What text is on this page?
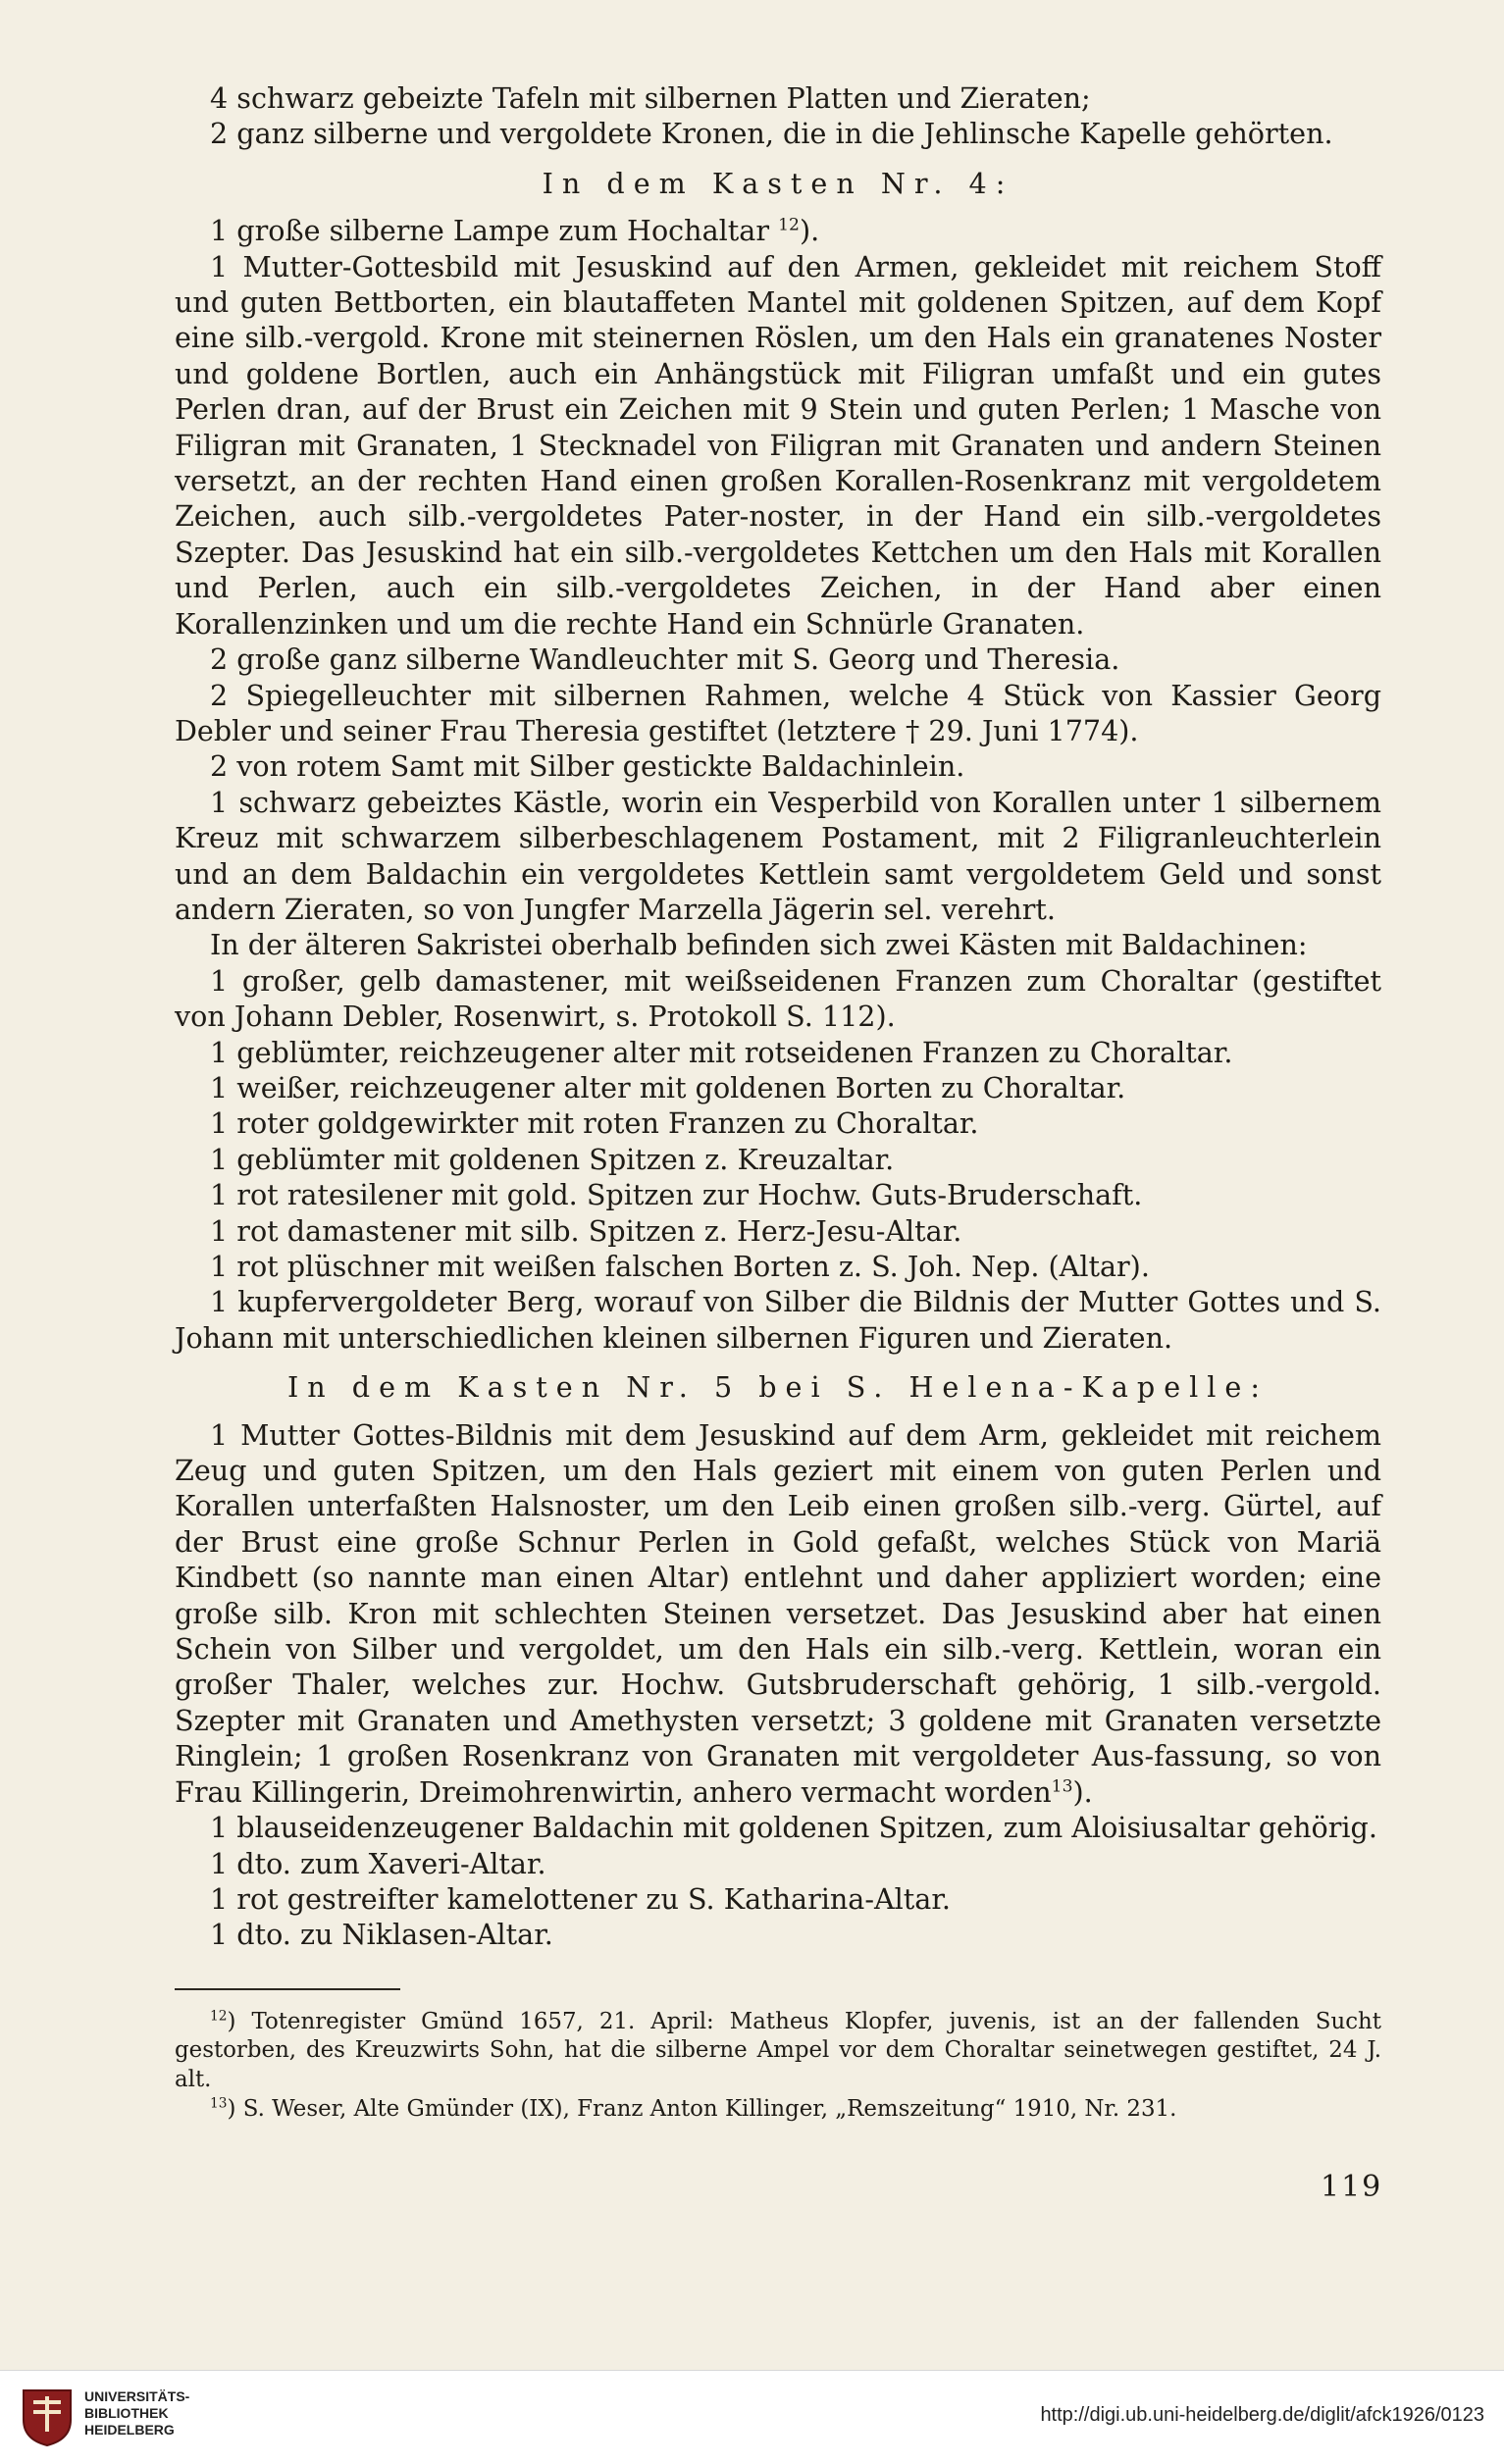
4 schwarz gebeizte Tafeln mit silbernen Platten und Zieraten;

2 ganz silberne und vergoldete Kronen, die in die Jehlinsche Kapelle gehörten.

In dem Kasten Nr. 4:

1 große silberne Lampe zum Hochaltar $^{12}$).

1 Mutter-Gottesbild mit Jesuskind auf den Armen, gekleidet mit reichem Stoff und guten Bettborten, ein blautaffeten Mantel mit goldenen Spitzen, auf dem Kopf eine silb.-vergold. Krone mit steinernen Röslen, um den Hals ein granatenes Noster und goldene Bortlen, auch ein Anhängstück mit Filigran umfaßt und ein gutes Perlen dran, auf der Brust ein Zeichen mit 9 Stein und guten Perlen; 1 Masche von Filigran mit Granaten, 1 Stecknadel von Filigran mit Granaten und andern Steinen versetzt, an der rechten Hand einen großen Korallen-Rosenkranz mit vergoldetem Zeichen, auch silb.-vergoldetes Pater-noster, in der Hand ein silb.-vergoldetes Szepter. Das Jesuskind hat ein silb.-vergoldetes Kettchen um den Hals mit Korallen und Perlen, auch ein silb.-vergoldetes Zeichen, in der Hand aber einen Korallenzinken und um die rechte Hand ein Schnürle Granaten.

2 große ganz silberne Wandleuchter mit S. Georg und Theresia.

2 Spiegelleuchter mit silbernen Rahmen, welche 4 Stück von Kassier Georg Debler und seiner Frau Theresia gestiftet (letztere † 29. Juni 1774).

2 von rotem Samt mit Silber gestickte Baldachinlein.

1 schwarz gebeiztes Kästle, worin ein Vesperbild von Korallen unter 1 silbernem Kreuz mit schwarzem silberbeschlagenem Postament, mit 2 Filigranleuchterlein und an dem Baldachin ein vergoldetes Kettlein samt vergoldetem Geld und sonst andern Zieraten, so von Jungfer Marzella Jägerin sel. verehrt.

In der älteren Sakristei oberhalb befinden sich zwei Kästen mit Baldachinen:

1 großer, gelb damastener, mit weißseidenen Franzen zum Choraltar (gestiftet von Johann Debler, Rosenwirt, s. Protokoll S. 112).

1 geblümter, reichzeugener alter mit rotseidenen Franzen zu Choraltar.

1 weißer, reichzeugener alter mit goldenen Borten zu Choraltar.

1 roter goldgewirkter mit roten Franzen zu Choraltar.

1 geblümter mit goldenen Spitzen z. Kreuzaltar.

1 rot ratesilener mit gold. Spitzen zur Hochw. Guts-Bruderschaft.

1 rot damastener mit silb. Spitzen z. Herz-Jesu-Altar.

1 rot plüschner mit weißen falschen Borten z. S. Joh. Nep. (Altar).

1 kupfervergoldeter Berg, worauf von Silber die Bildnis der Mutter Gottes und S. Johann mit unterschiedlichen kleinen silbernen Figuren und Zieraten.

In dem Kasten Nr. 5 bei S. Helena-Kapelle:

1 Mutter Gottes-Bildnis mit dem Jesuskind auf dem Arm, gekleidet mit reichem Zeug und guten Spitzen, um den Hals geziert mit einem von guten Perlen und Korallen unterfaßten Halsnoster, um den Leib einen großen silb.-verg. Gürtel, auf der Brust eine große Schnur Perlen in Gold gefaßt, welches Stück von Mariä Kindbett (so nannte man einen Altar) entlehnt und daher appliziert worden; eine große silb. Kron mit schlechten Steinen versetzet. Das Jesuskind aber hat einen Schein von Silber und vergoldet, um den Hals ein silb.-verg. Kettlein, woran ein großer Thaler, welches zur. Hochw. Gutsbruderschaft gehörig, 1 silb.-vergold. Szepter mit Granaten und Amethysten versetzt; 3 goldene mit Granaten versetzte Ringlein; 1 großen Rosenkranz von Granaten mit vergoldeter Aus-fassung, so von Frau Killingerin, Dreimohrenwirtin, anhero vermacht worden$^{13}$).

1 blauseidenzeugener Baldachin mit goldenen Spitzen, zum Aloisiusaltar gehörig.

1 dto. zum Xaveri-Altar.

1 rot gestreifter kamelottener zu S. Katharina-Altar.

1 dto. zu Niklasen-Altar.

$^{12}$) Totenregister Gmünd 1657, 21. April: Matheus Klopfer, juvenis, ist an der fallenden Sucht gestorben, des Kreuzwirts Sohn, hat die silberne Ampel vor dem Choraltar seinetwegen gestiftet, 24 J. alt.

$^{13}$) S. Weser, Alte Gmünder (IX), Franz Anton Killinger, „Remszeitung“ 1910, Nr. 231.

119
UNIVERSITÄTS-
BIBLIOTHEK
HEIDELBERG
http://digi.ub.uni-heidelberg.de/diglit/afck1926/0123
